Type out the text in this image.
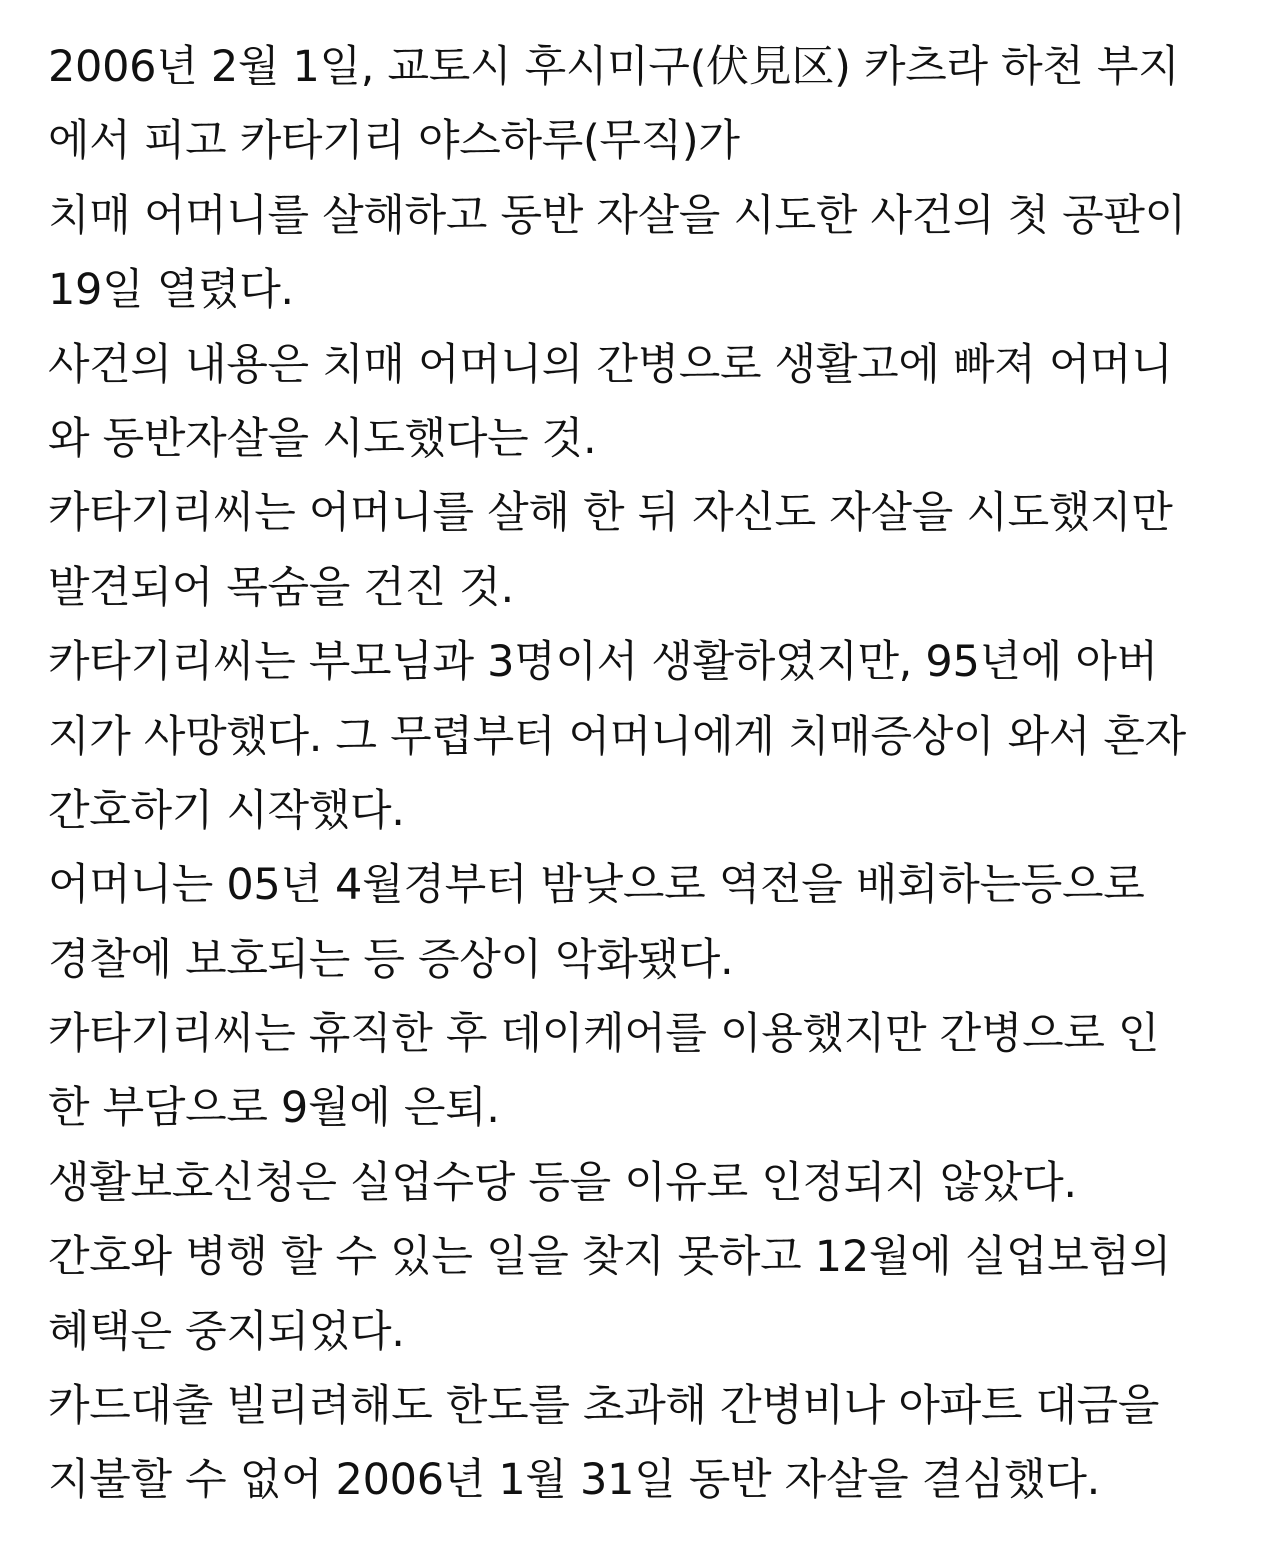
2006년 2월 1일, 교토시 후시미구(伏見区) 카츠라 하천 부지
에서 피고 카타기리 야스하루(무직)가
치매 어머니를 살해하고 동반 자살을 시도한 사건의 첫 공판이
19일 열렸다.
사건의 내용은 치매 어머니의 간병으로 생활고에 빠져 어머니
와 동반자살을 시도했다는 것.
카타기리씨는 어머니를 살해 한 뒤 자신도 자살을 시도했지만
발견되어 목숨을 건진 것.
카타기리씨는 부모님과 3명이서 생활하였지만, 95년에 아버
지가 사망했다. 그 무렵부터 어머니에게 치매증상이 와서 혼자
간호하기 시작했다.
어머니는 05년 4월경부터 밤낮으로 역전을 배회하는등으로
경찰에 보호되는 등 증상이 악화됐다.
카타기리씨는 휴직한 후 데이케어를 이용했지만 간병으로 인
한 부담으로 9월에 은퇴.
생활보호신청은 실업수당 등을 이유로 인정되지 않았다.
간호와 병행 할 수 있는 일을 찾지 못하고 12월에 실업보험의
혜택은 중지되었다.
카드대출 빌리려해도 한도를 초과해 간병비나 아파트 대금을
지불할 수 없어 2006년 1월 31일 동반 자살을 결심했다.
